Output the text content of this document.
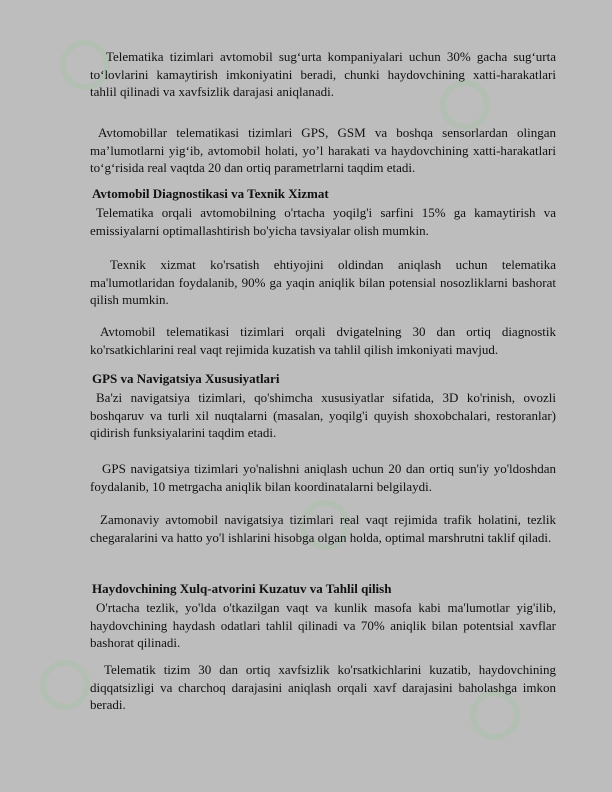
Telematika tizimlari avtomobil sug‘urta kompaniyalari uchun 30% gacha sug‘urta to‘lovlarini kamaytirish imkoniyatini beradi, chunki haydovchining xatti-harakatlari tahlil qilinadi va xavfsizlik darajasi aniqlanadi.

Avtomobillar telematikasi tizimlari GPS, GSM va boshqa sensorlardan olingan ma’lumotlarni yig‘ib, avtomobil holati, yo’l harakati va haydovchining xatti-harakatlari to‘g‘risida real vaqtda 20 dan ortiq parametrlarni taqdim etadi.

Avtomobil Diagnostikasi va Texnik Xizmat

Telematika orqali avtomobilning o'rtacha yoqilg'i sarfini 15% ga kamaytirish va emissiyalarni optimallashtirish bo'yicha tavsiyalar olish mumkin.

Texnik xizmat ko'rsatish ehtiyojini oldindan aniqlash uchun telematika ma'lumotlaridan foydalanib, 90% ga yaqin aniqlik bilan potensial nosozliklarni bashorat qilish mumkin.

Avtomobil telematikasi tizimlari orqali dvigatelning 30 dan ortiq diagnostik ko'rsatkichlarini real vaqt rejimida kuzatish va tahlil qilish imkoniyati mavjud.

GPS va Navigatsiya Xususiyatlari

Ba'zi navigatsiya tizimlari, qo'shimcha xususiyatlar sifatida, 3D ko'rinish, ovozli boshqaruv va turli xil nuqtalarni (masalan, yoqilg'i quyish shoxobchalari, restoranlar) qidirish funksiyalarini taqdim etadi.

GPS navigatsiya tizimlari yo'nalishni aniqlash uchun 20 dan ortiq sun'iy yo'ldoshdan foydalanib, 10 metrgacha aniqlik bilan koordinatalarni belgilaydi.

Zamonaviy avtomobil navigatsiya tizimlari real vaqt rejimida trafik holatini, tezlik chegaralarini va hatto yo'l ishlarini hisobga olgan holda, optimal marshrutni taklif qiladi.

Haydovchining Xulq-atvorini Kuzatuv va Tahlil qilish

O'rtacha tezlik, yo'lda o'tkazilgan vaqt va kunlik masofa kabi ma'lumotlar yig'ilib, haydovchining haydash odatlari tahlil qilinadi va 70% aniqlik bilan potentsial xavflar bashorat qilinadi.

Telematik tizim 30 dan ortiq xavfsizlik ko'rsatkichlarini kuzatib, haydovchining diqqatsizligi va charchoq darajasini aniqlash orqali xavf darajasini baholashga imkon beradi.
